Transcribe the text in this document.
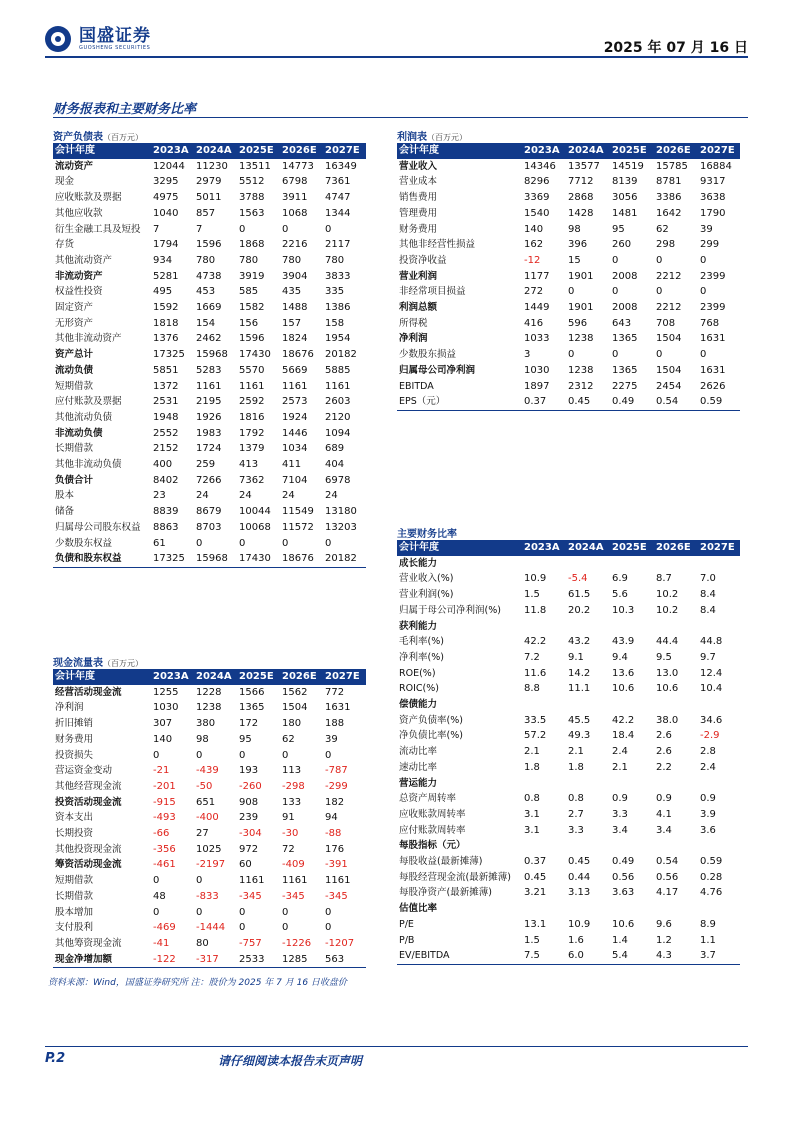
国盛证券
GUOSHENG SECURITIES	2025 年 07 月 16 日
财务报表和主要财务比率
资产负债表（百万元）
会计年度	2023A	2024A	2025E	2026E	2027E
流动资产	12044	11230	13511	14773	16349
现金	3295	2979	5512	6798	7361
应收账款及票据	4975	5011	3788	3911	4747
其他应收款	1040	857	1563	1068	1344
衍生金融工具及短投	7	7	0	0	0
存货	1794	1596	1868	2216	2117
其他流动资产	934	780	780	780	780
非流动资产	5281	4738	3919	3904	3833
权益性投资	495	453	585	435	335
固定资产	1592	1669	1582	1488	1386
无形资产	1818	154	156	157	158
其他非流动资产	1376	2462	1596	1824	1954
资产总计	17325	15968	17430	18676	20182
流动负债	5851	5283	5570	5669	5885
短期借款	1372	1161	1161	1161	1161
应付账款及票据	2531	2195	2592	2573	2603
其他流动负债	1948	1926	1816	1924	2120
非流动负债	2552	1983	1792	1446	1094
长期借款	2152	1724	1379	1034	689
其他非流动负债	400	259	413	411	404
负债合计	8402	7266	7362	7104	6978
股本	23	24	24	24	24
储备	8839	8679	10044	11549	13180
归属母公司股东权益	8863	8703	10068	11572	13203
少数股东权益	61	0	0	0	0
负债和股东权益	17325	15968	17430	18676	20182
利润表（百万元）
会计年度	2023A	2024A	2025E	2026E	2027E
营业收入	14346	13577	14519	15785	16884
营业成本	8296	7712	8139	8781	9317
销售费用	3369	2868	3056	3386	3638
管理费用	1540	1428	1481	1642	1790
财务费用	140	98	95	62	39
其他非经营性损益	162	396	260	298	299
投资净收益	-12	15	0	0	0
营业利润	1177	1901	2008	2212	2399
非经常项目损益	272	0	0	0	0
利润总额	1449	1901	2008	2212	2399
所得税	416	596	643	708	768
净利润	1033	1238	1365	1504	1631
少数股东损益	3	0	0	0	0
归属母公司净利润	1030	1238	1365	1504	1631
EBITDA	1897	2312	2275	2454	2626
EPS（元）	0.37	0.45	0.49	0.54	0.59
主要财务比率
会计年度	2023A	2024A	2025E	2026E	2027E
成长能力					
营业收入(%)	10.9	-5.4	6.9	8.7	7.0
营业利润(%)	1.5	61.5	5.6	10.2	8.4
归属于母公司净利润(%)	11.8	20.2	10.3	10.2	8.4
获利能力					
毛利率(%)	42.2	43.2	43.9	44.4	44.8
净利率(%)	7.2	9.1	9.4	9.5	9.7
ROE(%)	11.6	14.2	13.6	13.0	12.4
ROIC(%)	8.8	11.1	10.6	10.6	10.4
偿债能力					
资产负债率(%)	33.5	45.5	42.2	38.0	34.6
净负债比率(%)	57.2	49.3	18.4	2.6	-2.9
流动比率	2.1	2.1	2.4	2.6	2.8
速动比率	1.8	1.8	2.1	2.2	2.4
营运能力					
总资产周转率	0.8	0.8	0.9	0.9	0.9
应收账款周转率	3.1	2.7	3.3	4.1	3.9
应付账款周转率	3.1	3.3	3.4	3.4	3.6
每股指标（元）					
每股收益(最新摊薄)	0.37	0.45	0.49	0.54	0.59
每股经营现金流(最新摊薄)	0.45	0.44	0.56	0.56	0.28
每股净资产(最新摊薄)	3.21	3.13	3.63	4.17	4.76
估值比率					
P/E	13.1	10.9	10.6	9.6	8.9
P/B	1.5	1.6	1.4	1.2	1.1
EV/EBITDA	7.5	6.0	5.4	4.3	3.7
现金流量表（百万元）
会计年度	2023A	2024A	2025E	2026E	2027E
经营活动现金流	1255	1228	1566	1562	772
净利润	1030	1238	1365	1504	1631
折旧摊销	307	380	172	180	188
财务费用	140	98	95	62	39
投资损失	0	0	0	0	0
营运资金变动	-21	-439	193	113	-787
其他经营现金流	-201	-50	-260	-298	-299
投资活动现金流	-915	651	908	133	182
资本支出	-493	-400	239	91	94
长期投资	-66	27	-304	-30	-88
其他投资现金流	-356	1025	972	72	176
筹资活动现金流	-461	-2197	60	-409	-391
短期借款	0	0	1161	1161	1161
长期借款	48	-833	-345	-345	-345
股本增加	0	0	0	0	0
支付股利	-469	-1444	0	0	0
其他筹资现金流	-41	80	-757	-1226	-1207
现金净增加额	-122	-317	2533	1285	563
资料来源：Wind，国盛证券研究所 注：股价为 2025 年 7 月 16 日收盘价
P.2	请仔细阅读本报告末页声明
